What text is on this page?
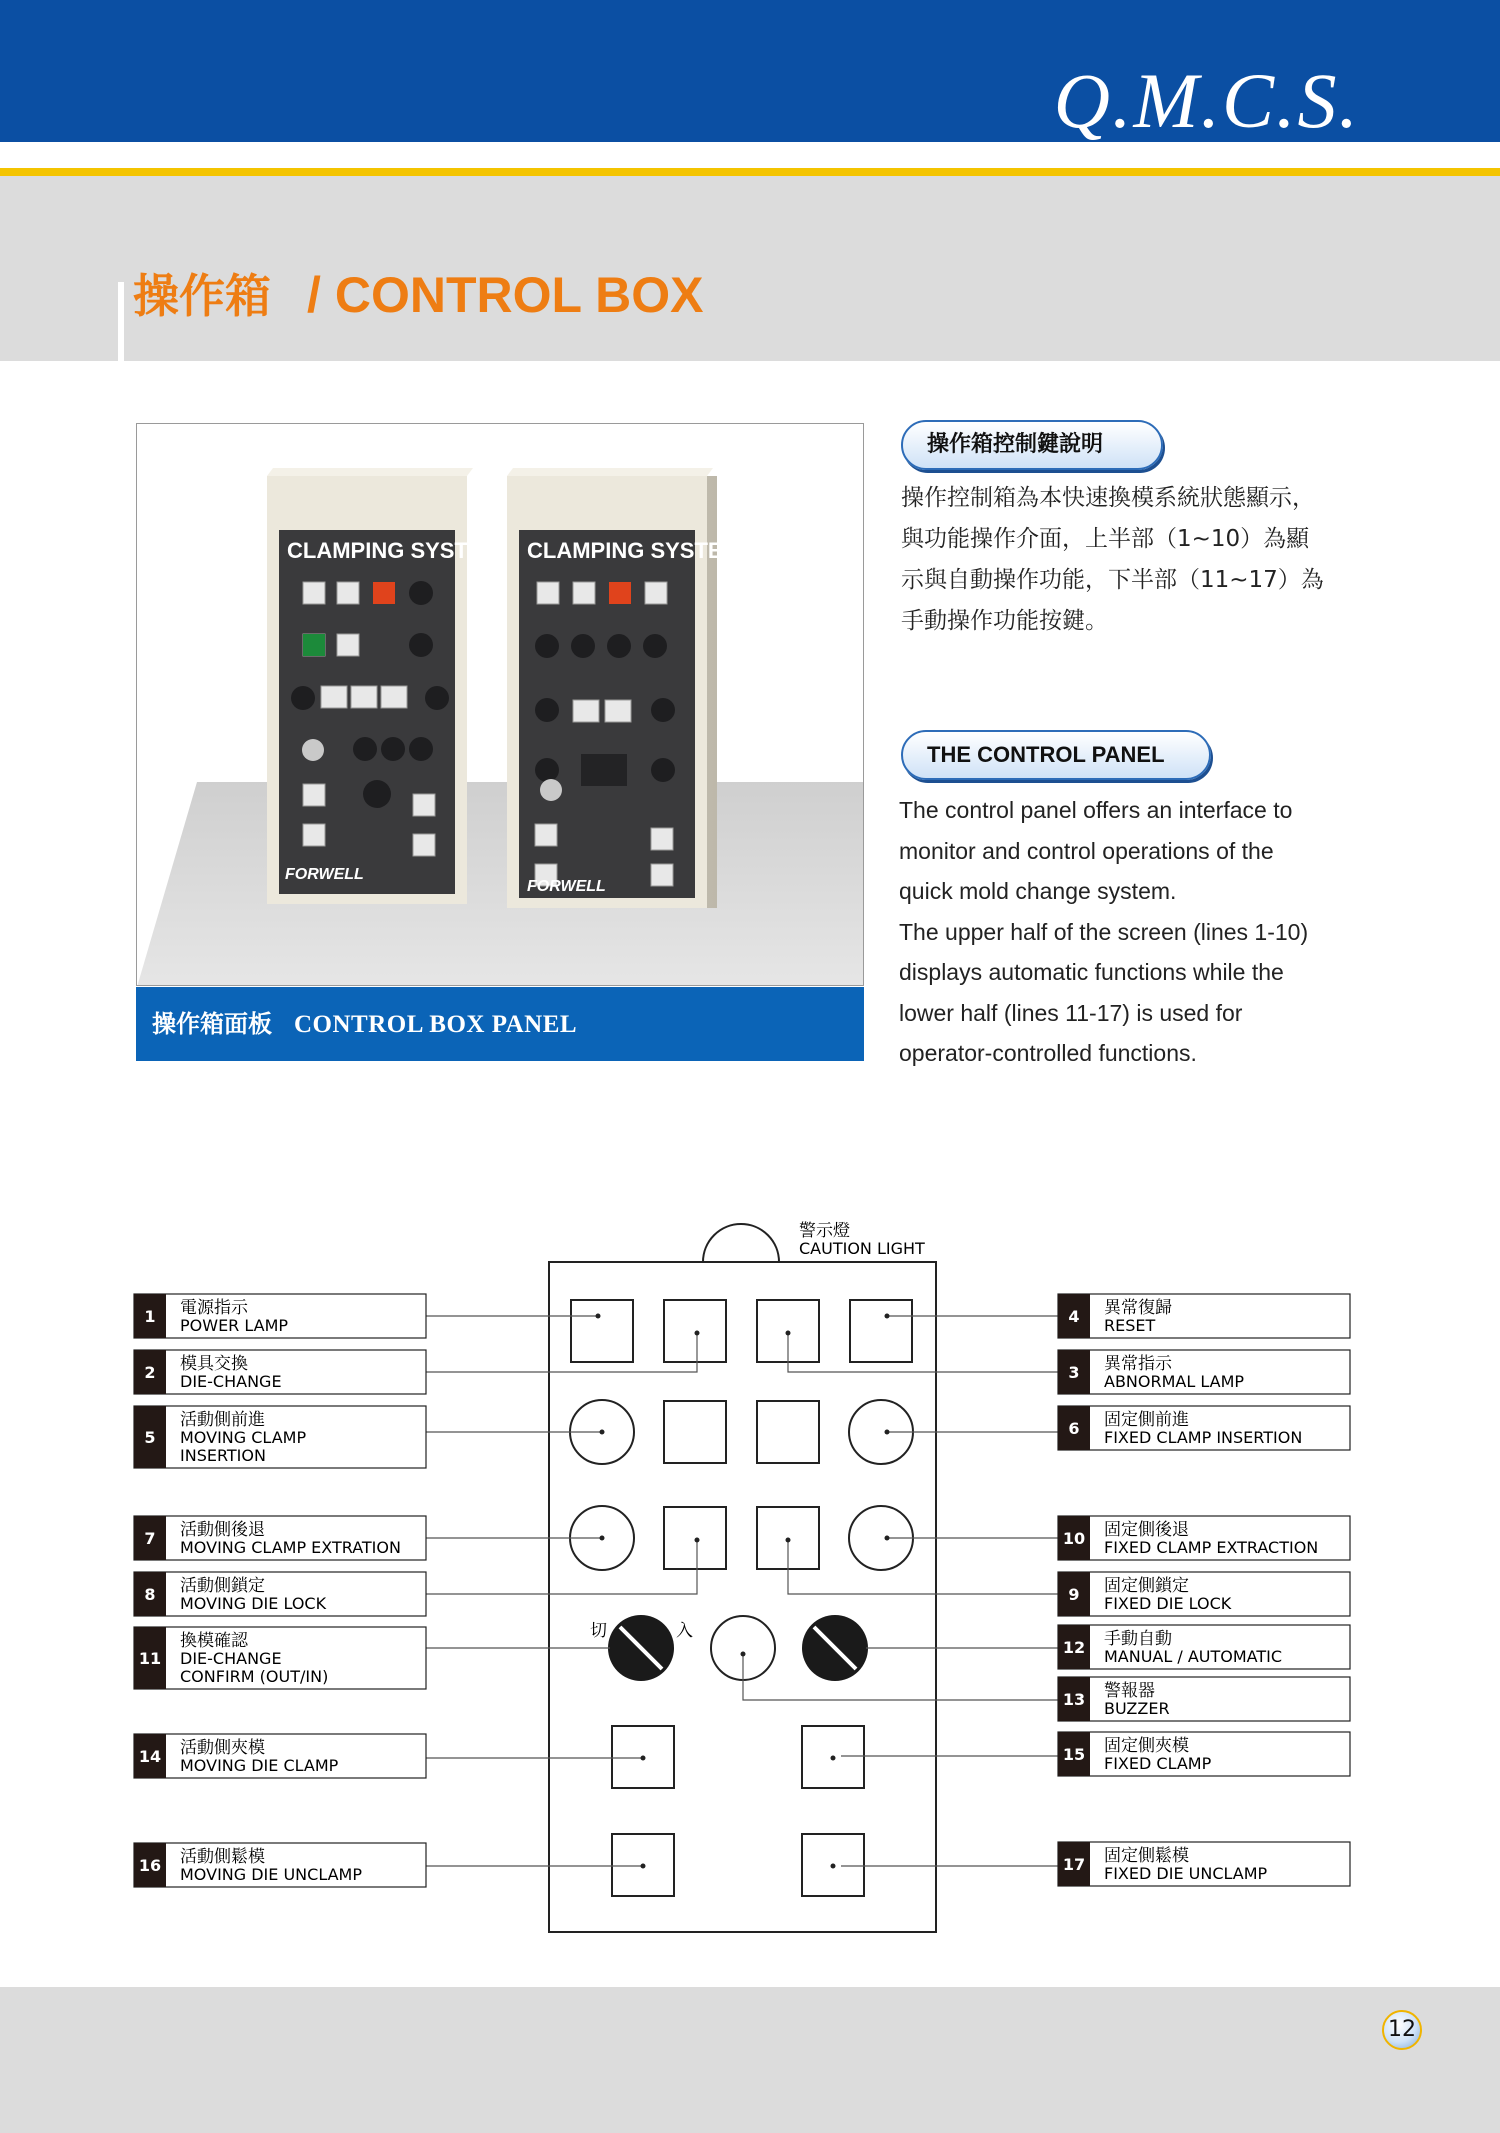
Q.M.C.S.
操作箱 / CONTROL BOX
CLAMPING SYSTEM
FORWELL
CLAMPING SYSTEM
FORWELL
操作箱面板 CONTROL BOX PANEL
操作箱控制鍵說明
操作控制箱為本快速換模系統狀態顯示，
與功能操作介面，上半部（1~10）為顯
示與自動操作功能，下半部（11~17）為
手動操作功能按鍵。
THE CONTROL PANEL
The control panel offers an interface to
monitor and control operations of the
quick mold change system.
The upper half of the screen (lines 1-10)
displays automatic functions while the
lower half (lines 11-17) is used for
operator-controlled functions.
警示燈
CAUTION LIGHT
切	入
1 電源指示
POWER LAMP
2 模具交換
DIE-CHANGE
5
活動側前進
MOVING CLAMP
INSERTION
7 活動側後退
MOVING CLAMP EXTRATION
8 活動側鎖定
MOVING DIE LOCK
11
換模確認
DIE-CHANGE
CONFIRM (OUT/IN)
14 活動側夾模
MOVING DIE CLAMP
16 活動側鬆模
MOVING DIE UNCLAMP
4 異常復歸
RESET
3 異常指示
ABNORMAL LAMP
6 固定側前進
FIXED CLAMP INSERTION
10 固定側後退
FIXED CLAMP EXTRACTION
9 固定側鎖定
FIXED DIE LOCK
12 手動自動
MANUAL / AUTOMATIC
13 警報器
BUZZER
15 固定側夾模
FIXED CLAMP
17 固定側鬆模
FIXED DIE UNCLAMP
12
